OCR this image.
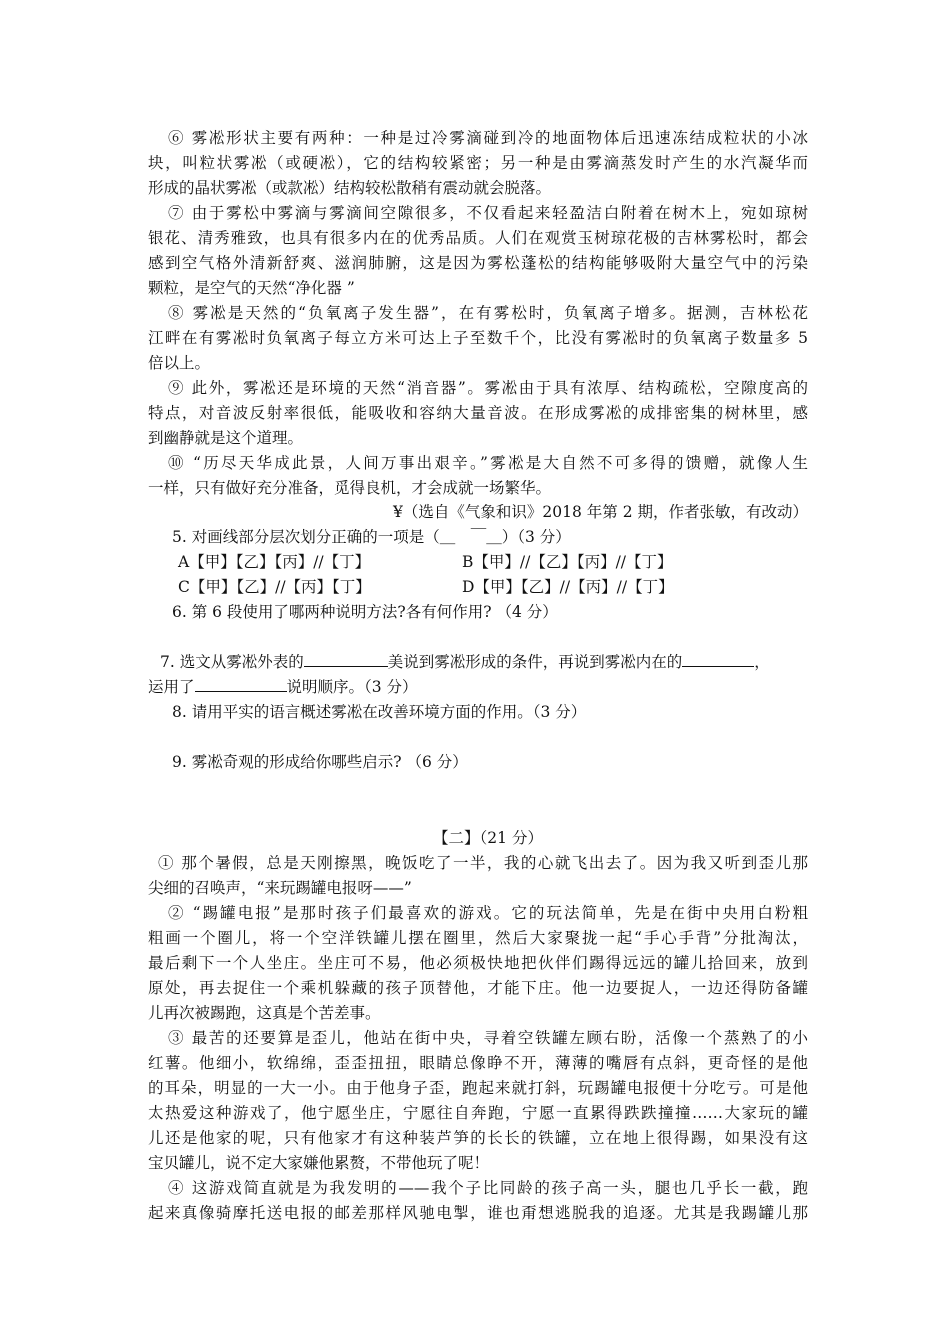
⑥ 雾凇形状主要有两种：一种是过冷雾滴碰到冷的地面物体后迅速冻结成粒状的小冰
块，叫粒状雾凇（或硬凇），它的结构较紧密；另一种是由雾滴蒸发时产生的水汽凝华而
形成的晶状雾凇（或款凇）结构较松散稍有震动就会脱落。
⑦ 由于雾松中雾滴与雾滴间空隙很多，不仅看起来轻盈洁白附着在树木上，宛如琼树
银花、清秀雅致，也具有很多内在的优秀品质。人们在观赏玉树琼花极的吉林雾松时，都会
感到空气格外清新舒爽、滋润肺腑，这是因为雾松蓬松的结构能够吸附大量空气中的污染
颗粒，是空气的天然“净化器 ”
⑧ 雾凇是天然的“负氧离子发生器”，在有雾松时，负氧离子增多。据测，吉林松花
江畔在有雾凇时负氧离子每立方米可达上子至数千个，比没有雾凇时的负氧离子数量多 5
倍以上。
⑨ 此外，雾凇还是环境的天然“消音器”。雾凇由于具有浓厚、结构疏松，空隙度高的
特点，对音波反射率很低，能吸收和容纳大量音波。在形成雾凇的成排密集的树林里，感
到幽静就是这个道理。
⑩ “历尽天华成此景，人间万事出艰辛。”雾凇是大自然不可多得的馈赠，就像人生
一样，只有做好充分准备，觅得良机，才会成就一场繁华。
¥（选自《气象和识》2018 年第 2 期，作者张敏，有改动）
5. 对画线部分层次划分正确的一项是（＿　￣＿）（3 分）
A【甲】【乙】【丙】//【丁】	B【甲】//【乙】【丙】//【丁】
C【甲】【乙】//【丙】【丁】	D【甲】【乙】//【丙】//【丁】
6. 第 6 段使用了哪两种说明方法?各有何作用? （4 分）
7. 选文从雾凇外表的	美说到雾凇形成的条件，再说到雾凇内在的	，
运用了	说明顺序。（3 分）
8. 请用平实的语言概述雾凇在改善环境方面的作用。（3 分）
9. 雾凇奇观的形成给你哪些启示? （6 分）
【二】（21 分）
① 那个暑假，总是天刚擦黑，晚饭吃了一半，我的心就飞出去了。因为我又听到歪儿那
尖细的召唤声，“来玩踢罐电报呀——”
② “踢罐电报”是那时孩子们最喜欢的游戏。它的玩法简单，先是在街中央用白粉粗
粗画一个圈儿，将一个空洋铁罐儿摆在圈里，然后大家聚拢一起“手心手背”分批淘汰，
最后剩下一个人坐庄。坐庄可不易，他必须极快地把伙伴们踢得远远的罐儿拾回来，放到
原处，再去捉住一个乘机躲藏的孩子顶替他，才能下庄。他一边要捉人，一边还得防备罐
儿再次被踢跑，这真是个苦差事。
③ 最苦的还要算是歪儿，他站在街中央，寻着空铁罐左顾右盼，活像一个蒸熟了的小
红薯。他细小，软绵绵，歪歪扭扭，眼睛总像睁不开，薄薄的嘴唇有点斜，更奇怪的是他
的耳朵，明显的一大一小。由于他身子歪，跑起来就打斜，玩踢罐电报便十分吃亏。可是他
太热爱这种游戏了，他宁愿坐庄，宁愿往自奔跑，宁愿一直累得跌跌撞撞……大家玩的罐
儿还是他家的呢，只有他家才有这种装芦笋的长长的铁罐，立在地上很得踢，如果没有这
宝贝罐儿，说不定大家嫌他累赘，不带他玩了呢！
④ 这游戏简直就是为我发明的——我个子比同龄的孩子高一头，腿也几乎长一截，跑
起来真像骑摩托送电报的邮差那样风驰电掣，谁也甭想逃脱我的追逐。尤其是我踢罐儿那
